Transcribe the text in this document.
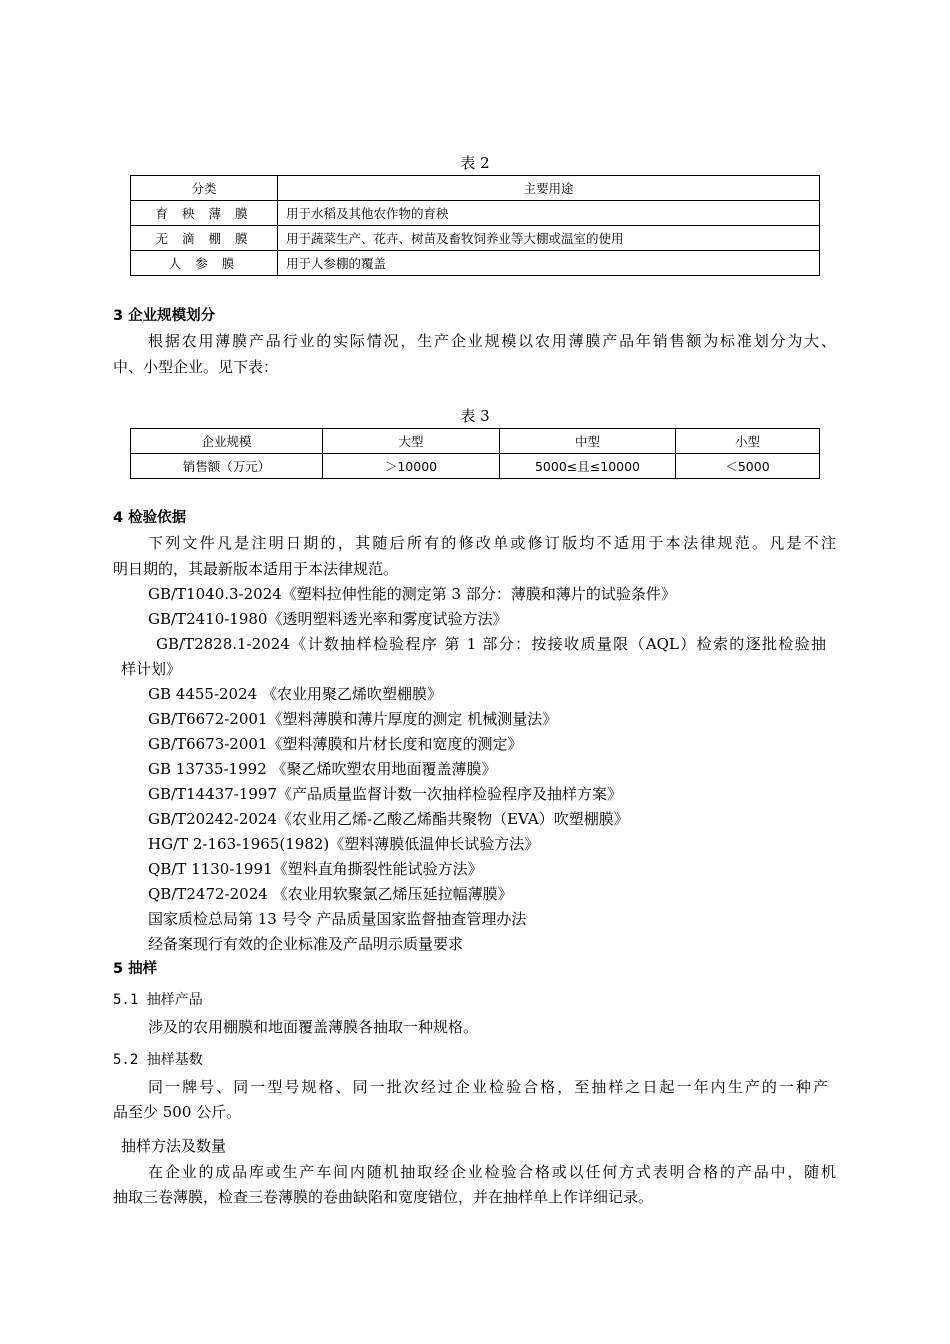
表 2
分类	主要用途
育 秧 薄 膜	用于水稻及其他农作物的育秧
无 滴 棚 膜	用于蔬菜生产、花卉、树苗及畜牧饲养业等大棚或温室的使用
人 参 膜	用于人参棚的覆盖
3 企业规模划分
根据农用薄膜产品行业的实际情况，生产企业规模以农用薄膜产品年销售额为标准划分为大、
中、小型企业。见下表：
表 3
企业规模	大型	中型	小型
销售额（万元）	＞10000	5000≤且≤10000	＜5000
4 检验依据
下列文件凡是注明日期的，其随后所有的修改单或修订版均不适用于本法律规范。凡是不注
明日期的，其最新版本适用于本法律规范。
GB/T1040.3-2024《塑料拉伸性能的测定第 3 部分：薄膜和薄片的试验条件》
GB/T2410-1980《透明塑料透光率和雾度试验方法》
GB/T2828.1-2024《计数抽样检验程序 第 1 部分：按接收质量限（AQL）检索的逐批检验抽
样计划》
GB 4455-2024 《农业用聚乙烯吹塑棚膜》
GB/T6672-2001《塑料薄膜和薄片厚度的测定 机械测量法》
GB/T6673-2001《塑料薄膜和片材长度和宽度的测定》
GB 13735-1992 《聚乙烯吹塑农用地面覆盖薄膜》
GB/T14437-1997《产品质量监督计数一次抽样检验程序及抽样方案》
GB/T20242-2024《农业用乙烯-乙酸乙烯酯共聚物（EVA）吹塑棚膜》
HG/T 2-163-1965(1982)《塑料薄膜低温伸长试验方法》
QB/T 1130-1991《塑料直角撕裂性能试验方法》
QB/T2472-2024 《农业用软聚氯乙烯压延拉幅薄膜》
国家质检总局第 13 号令 产品质量国家监督抽查管理办法
经备案现行有效的企业标准及产品明示质量要求
5 抽样
5.1 抽样产品
涉及的农用棚膜和地面覆盖薄膜各抽取一种规格。
5.2 抽样基数
同一牌号、同一型号规格、同一批次经过企业检验合格，至抽样之日起一年内生产的一种产
品至少 500 公斤。
抽样方法及数量
在企业的成品库或生产车间内随机抽取经企业检验合格或以任何方式表明合格的产品中，随机
抽取三卷薄膜，检查三卷薄膜的卷曲缺陷和宽度错位，并在抽样单上作详细记录。
